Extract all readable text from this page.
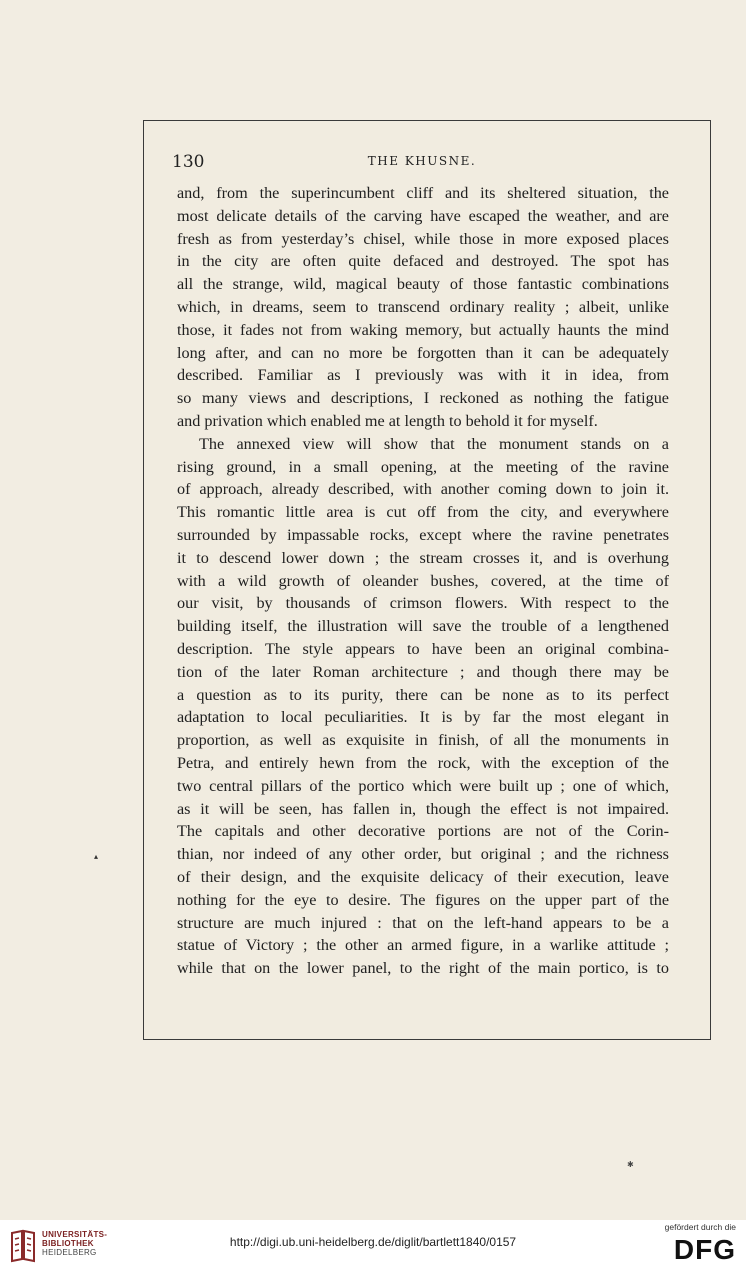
130	THE KHUSNE.
and, from the superincumbent cliff and its sheltered situation, the
most delicate details of the carving have escaped the weather, and are
fresh as from yesterday’s chisel, while those in more exposed places
in the city are often quite defaced and destroyed. The spot has
all the strange, wild, magical beauty of those fantastic combinations
which, in dreams, seem to transcend ordinary reality ; albeit, unlike
those, it fades not from waking memory, but actually haunts the mind
long after, and can no more be forgotten than it can be adequately
described. Familiar as I previously was with it in idea, from
so many views and descriptions, I reckoned as nothing the fatigue
and privation which enabled me at length to behold it for myself.
The annexed view will show that the monument stands on a
rising ground, in a small opening, at the meeting of the ravine
of approach, already described, with another coming down to join it.
This romantic little area is cut off from the city, and everywhere
surrounded by impassable rocks, except where the ravine penetrates
it to descend lower down ; the stream crosses it, and is overhung
with a wild growth of oleander bushes, covered, at the time of
our visit, by thousands of crimson flowers. With respect to the
building itself, the illustration will save the trouble of a lengthened
description. The style appears to have been an original combina-
tion of the later Roman architecture ; and though there may be
a question as to its purity, there can be none as to its perfect
adaptation to local peculiarities. It is by far the most elegant in
proportion, as well as exquisite in finish, of all the monuments in
Petra, and entirely hewn from the rock, with the exception of the
two central pillars of the portico which were built up ; one of which,
as it will be seen, has fallen in, though the effect is not impaired.
The capitals and other decorative portions are not of the Corin-
thian, nor indeed of any other order, but original ; and the richness
of their design, and the exquisite delicacy of their execution, leave
nothing for the eye to desire. The figures on the upper part of the
structure are much injured : that on the left-hand appears to be a
statue of Victory ; the other an armed figure, in a warlike attitude ;
while that on the lower panel, to the right of the main portico, is to
▴
✱
UNIVERSITÄTS-
BIBLIOTHEK
HEIDELBERG
http://digi.ub.uni-heidelberg.de/diglit/bartlett1840/0157
gefördert durch die
DFG
